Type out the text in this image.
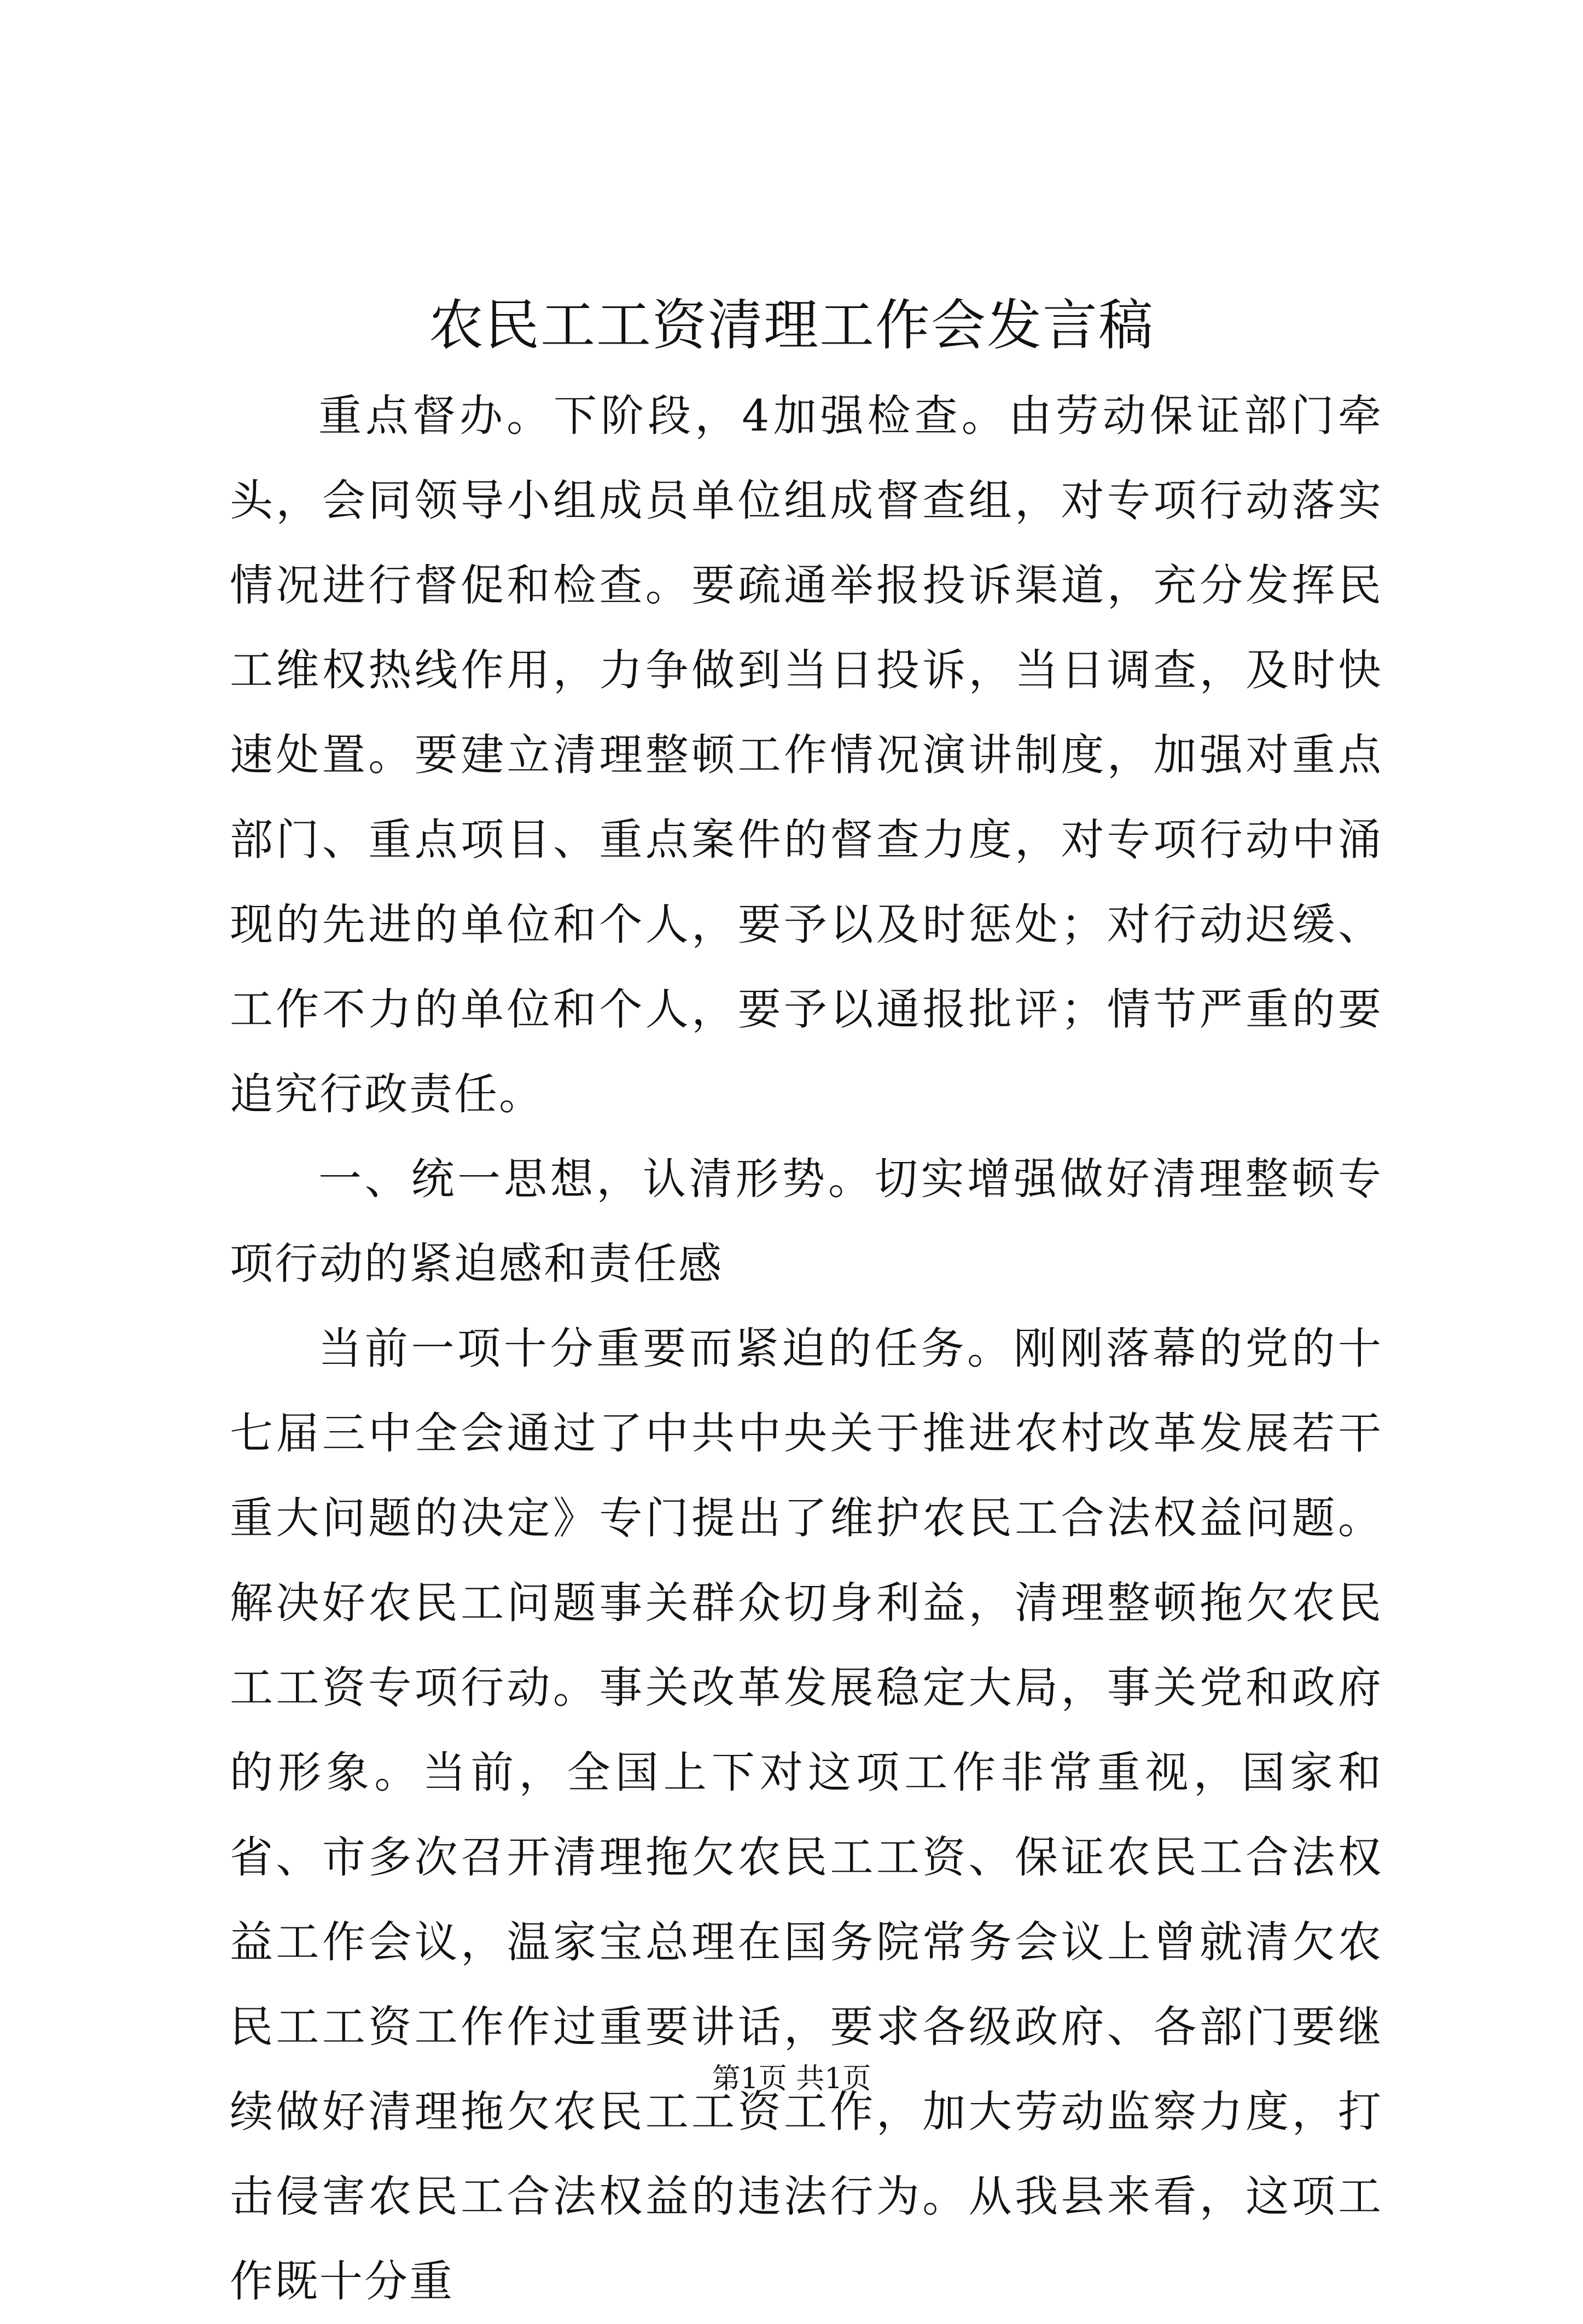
农民工工资清理工作会发言稿

重点督办。下阶段，4加强检查。由劳动保证部门牵头，会同领导小组成员单位组成督查组，对专项行动落实情况进行督促和检查。要疏通举报投诉渠道，充分发挥民工维权热线作用，力争做到当日投诉，当日调查，及时快速处置。要建立清理整顿工作情况演讲制度，加强对重点部门、重点项目、重点案件的督查力度，对专项行动中涌现的先进的单位和个人，要予以及时惩处；对行动迟缓、工作不力的单位和个人，要予以通报批评；情节严重的要追究行政责任。

一、统一思想，认清形势。切实增强做好清理整顿专项行动的紧迫感和责任感

当前一项十分重要而紧迫的任务。刚刚落幕的党的十七届三中全会通过了中共中央关于推进农村改革发展若干重大问题的决定》专门提出了维护农民工合法权益问题。解决好农民工问题事关群众切身利益，清理整顿拖欠农民工工资专项行动。事关改革发展稳定大局，事关党和政府的形象。当前，全国上下对这项工作非常重视，国家和省、市多次召开清理拖欠农民工工资、保证农民工合法权益工作会议，温家宝总理在国务院常务会议上曾就清欠农民工工资工作作过重要讲话，要求各级政府、各部门要继续做好清理拖欠农民工工资工作，加大劳动监察力度，打击侵害农民工合法权益的违法行为。从我县来看，这项工作既十分重

第1页 共1页
